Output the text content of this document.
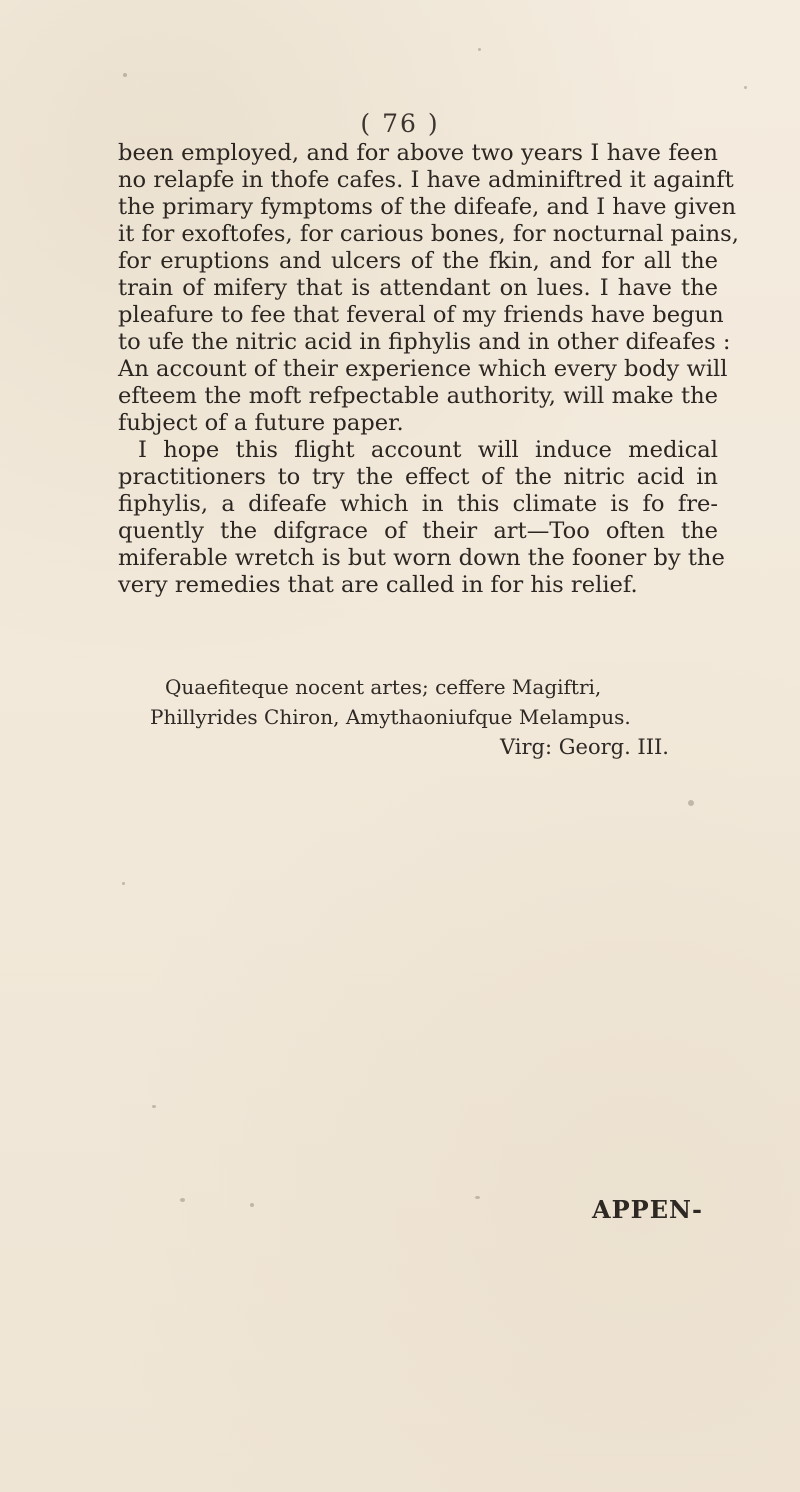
( 76 )
been employed, and for above two years I have feen
no relapfe in thofe cafes. I have adminiftred it againft
the primary fymptoms of the difeafe, and I have given
it for exoftofes, for carious bones, for nocturnal pains,
for eruptions and ulcers of the fkin, and for all the
train of mifery that is attendant on lues. I have the
pleafure to fee that feveral of my friends have begun
to ufe the nitric acid in fiphylis and in other difeafes :
An account of their experience which every body will
efteem the moft refpectable authority, will make the
fubject of a future paper.
I hope this flight account will induce medical
practitioners to try the effect of the nitric acid in
fiphylis, a difeafe which in this climate is fo fre-
quently the difgrace of their art—Too often the
miferable wretch is but worn down the fooner by the
very remedies that are called in for his relief.
Quaefiteque nocent artes; ceffere Magiftri,
Phillyrides Chiron, Amythaoniufque Melampus.
Virg: Georg. III.
APPEN-
